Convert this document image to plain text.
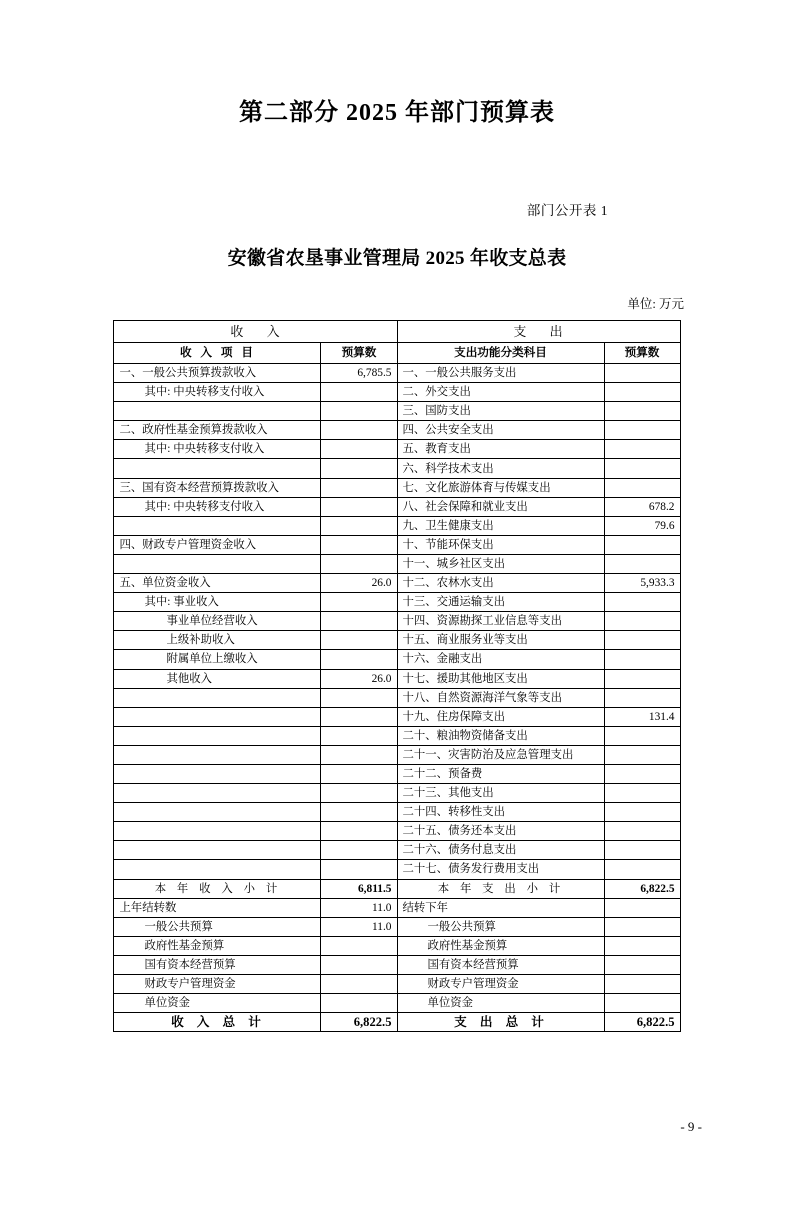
第二部分 2025 年部门预算表
部门公开表 1
安徽省农垦事业管理局 2025 年收支总表
单位: 万元
收 入		支 出	
收 入 项 目	预算数	支出功能分类科目	预算数
一、一般公共预算拨款收入	6,785.5	一、一般公共服务支出	
其中: 中央转移支付收入		二、外交支出	
		三、国防支出	
二、政府性基金预算拨款收入		四、公共安全支出	
其中: 中央转移支付收入		五、教育支出	
		六、科学技术支出	
三、国有资本经营预算拨款收入		七、文化旅游体育与传媒支出	
其中: 中央转移支付收入		八、社会保障和就业支出	678.2
		九、卫生健康支出	79.6
四、财政专户管理资金收入		十、节能环保支出	
		十一、城乡社区支出	
五、单位资金收入	26.0	十二、农林水支出	5,933.3
其中: 事业收入		十三、交通运输支出	
事业单位经营收入		十四、资源勘探工业信息等支出	
上级补助收入		十五、商业服务业等支出	
附属单位上缴收入		十六、金融支出	
其他收入	26.0	十七、援助其他地区支出	
		十八、自然资源海洋气象等支出	
		十九、住房保障支出	131.4
		二十、粮油物资储备支出	
		二十一、灾害防治及应急管理支出	
		二十二、预备费	
		二十三、其他支出	
		二十四、转移性支出	
		二十五、债务还本支出	
		二十六、债务付息支出	
		二十七、债务发行费用支出	
本 年 收 入 小 计	6,811.5	本 年 支 出 小 计	6,822.5
上年结转数	11.0	结转下年	
一般公共预算	11.0	一般公共预算	
政府性基金预算		政府性基金预算	
国有资本经营预算		国有资本经营预算	
财政专户管理资金		财政专户管理资金	
单位资金		单位资金	
收 入 总 计	6,822.5	支 出 总 计	6,822.5
- 9 -
